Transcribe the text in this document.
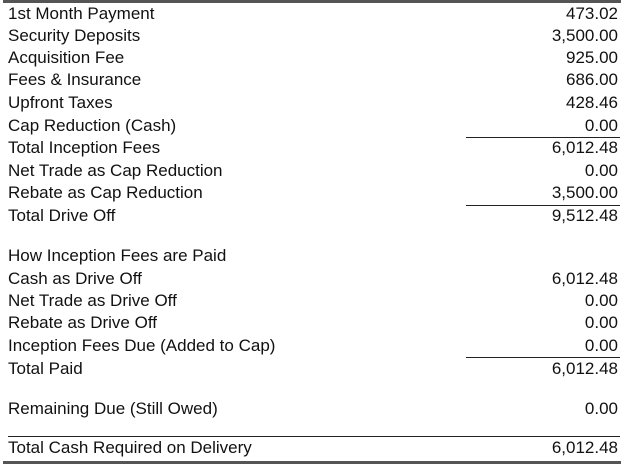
1st Month Payment	473.02
Security Deposits	3,500.00
Acquisition Fee	925.00
Fees & Insurance	686.00
Upfront Taxes	428.46
Cap Reduction (Cash)	0.00
Total Inception Fees	6,012.48
Net Trade as Cap Reduction	0.00
Rebate as Cap Reduction	3,500.00
Total Drive Off	9,512.48
How Inception Fees are Paid
Cash as Drive Off	6,012.48
Net Trade as Drive Off	0.00
Rebate as Drive Off	0.00
Inception Fees Due (Added to Cap)	0.00
Total Paid	6,012.48
Remaining Due (Still Owed)	0.00
Total Cash Required on Delivery	6,012.48
